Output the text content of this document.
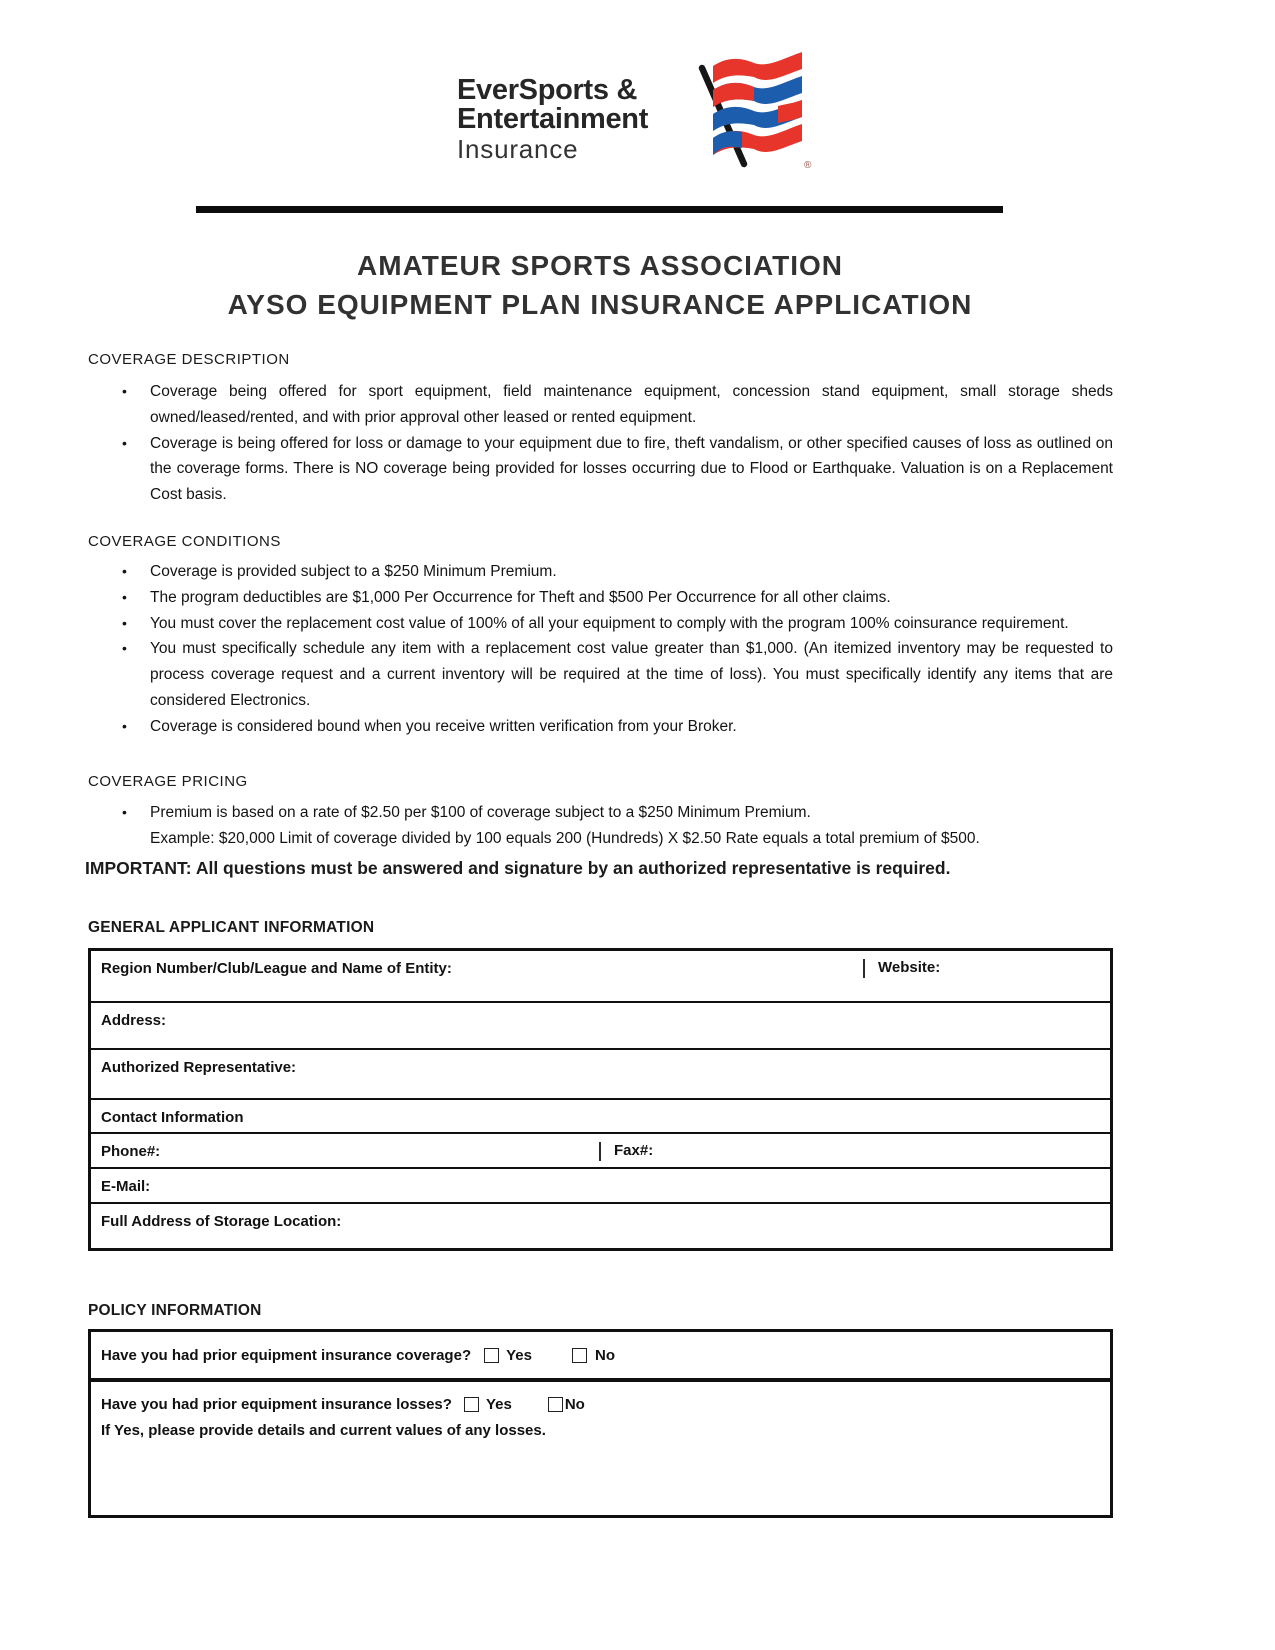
EverSports &
Entertainment
Insurance
®
AMATEUR SPORTS ASSOCIATION
AYSO EQUIPMENT PLAN INSURANCE APPLICATION
COVERAGE DESCRIPTION
• Coverage being offered for sport equipment, field maintenance equipment, concession stand equipment, small storage sheds owned/leased/rented, and with prior approval other leased or rented equipment.
• Coverage is being offered for loss or damage to your equipment due to fire, theft vandalism, or other specified causes of loss as outlined on the coverage forms. There is NO coverage being provided for losses occurring due to Flood or Earthquake. Valuation is on a Replacement Cost basis.
COVERAGE CONDITIONS
• Coverage is provided subject to a $250 Minimum Premium.
• The program deductibles are $1,000 Per Occurrence for Theft and $500 Per Occurrence for all other claims.
• You must cover the replacement cost value of 100% of all your equipment to comply with the program 100% coinsurance requirement.
• You must specifically schedule any item with a replacement cost value greater than $1,000. (An itemized inventory may be requested to process coverage request and a current inventory will be required at the time of loss). You must specifically identify any items that are considered Electronics.
• Coverage is considered bound when you receive written verification from your Broker.
COVERAGE PRICING
• Premium is based on a rate of $2.50 per $100 of coverage subject to a $250 Minimum Premium.
Example: $20,000 Limit of coverage divided by 100 equals 200 (Hundreds) X $2.50 Rate equals a total premium of $500.
IMPORTANT: All questions must be answered and signature by an authorized representative is required.
GENERAL APPLICANT INFORMATION
Region Number/Club/League and Name of Entity:	Website:
Address:
Authorized Representative:
Contact Information
Phone#:	Fax#:
E-Mail:
Full Address of Storage Location:
POLICY INFORMATION
Have you had prior equipment insurance coverage? Yes	No
Have you had prior equipment insurance losses? Yes	No
If Yes, please provide details and current values of any losses.
